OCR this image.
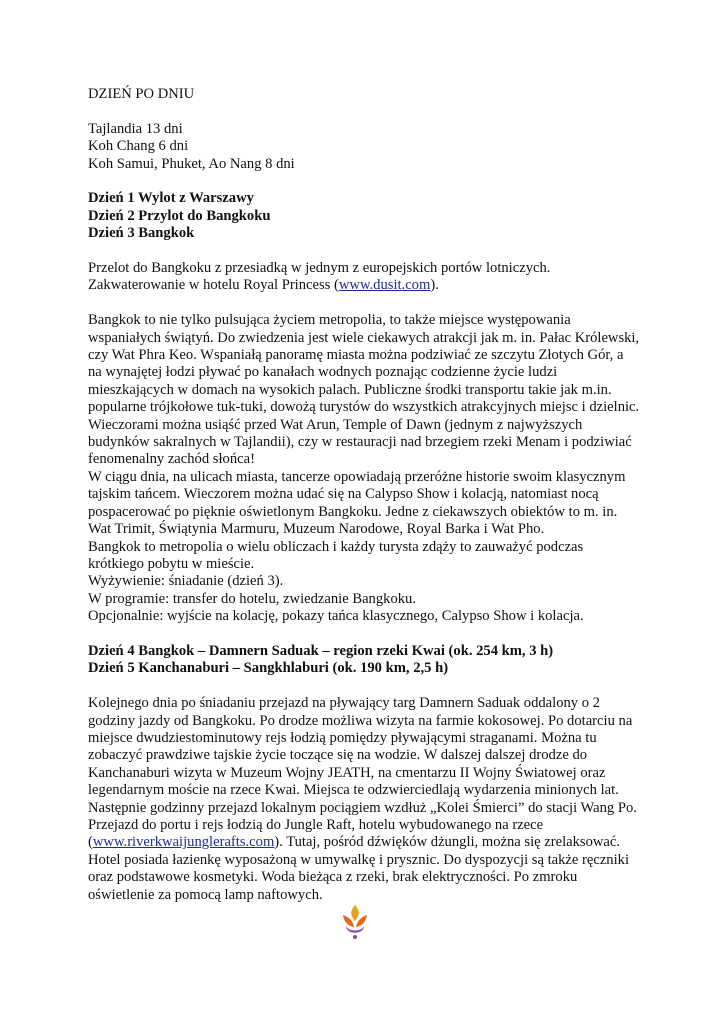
DZIEŃ PO DNIU

Tajlandia 13 dni

Koh Chang 6 dni

Koh Samui, Phuket, Ao Nang 8 dni

Dzień 1 Wylot z Warszawy

Dzień 2 Przylot do Bangkoku

Dzień 3 Bangkok

Przelot do Bangkoku z przesiadką w jednym z europejskich portów lotniczych.

Zakwaterowanie w hotelu Royal Princess (www.dusit.com).

Bangkok to nie tylko pulsująca życiem metropolia, to także miejsce występowania

wspaniałych świątyń. Do zwiedzenia jest wiele ciekawych atrakcji jak m. in. Pałac Królewski,

czy Wat Phra Keo. Wspaniałą panoramę miasta można podziwiać ze szczytu Złotych Gór, a

na wynajętej łodzi pływać po kanałach wodnych poznając codzienne życie ludzi

mieszkających w domach na wysokich palach. Publiczne środki transportu takie jak m.in.

popularne trójkołowe tuk-tuki, dowożą turystów do wszystkich atrakcyjnych miejsc i dzielnic.

Wieczorami można usiąść przed Wat Arun, Temple of Dawn (jednym z najwyższych

budynków sakralnych w Tajlandii), czy w restauracji nad brzegiem rzeki Menam i podziwiać

fenomenalny zachód słońca!

W ciągu dnia, na ulicach miasta, tancerze opowiadają przeróżne historie swoim klasycznym

tajskim tańcem. Wieczorem można udać się na Calypso Show i kolacją, natomiast nocą

pospacerować po pięknie oświetlonym Bangkoku. Jedne z ciekawszych obiektów to m. in.

Wat Trimit, Świątynia Marmuru, Muzeum Narodowe, Royal Barka i Wat Pho.

Bangkok to metropolia o wielu obliczach i każdy turysta zdąży to zauważyć podczas

krótkiego pobytu w mieście.

Wyżywienie: śniadanie (dzień 3).

W programie: transfer do hotelu, zwiedzanie Bangkoku.

Opcjonalnie: wyjście na kolację, pokazy tańca klasycznego, Calypso Show i kolacja.

Dzień 4 Bangkok – Damnern Saduak – region rzeki Kwai (ok. 254 km, 3 h)

Dzień 5 Kanchanaburi – Sangkhlaburi (ok. 190 km, 2,5 h)

Kolejnego dnia po śniadaniu przejazd na pływający targ Damnern Saduak oddalony o 2

godziny jazdy od Bangkoku. Po drodze możliwa wizyta na farmie kokosowej. Po dotarciu na

miejsce dwudziestominutowy rejs łodzią pomiędzy pływającymi straganami. Można tu

zobaczyć prawdziwe tajskie życie toczące się na wodzie. W dalszej dalszej drodze do

Kanchanaburi wizyta w Muzeum Wojny JEATH, na cmentarzu II Wojny Światowej oraz

legendarnym moście na rzece Kwai. Miejsca te odzwierciedlają wydarzenia minionych lat.

Następnie godzinny przejazd lokalnym pociągiem wzdłuż „Kolei Śmierci” do stacji Wang Po.

Przejazd do portu i rejs łodzią do Jungle Raft, hotelu wybudowanego na rzece

(www.riverkwaijunglerafts.com). Tutaj, pośród dźwięków dżungli, można się zrelaksować.

Hotel posiada łazienkę wyposażoną w umywalkę i prysznic. Do dyspozycji są także ręczniki

oraz podstawowe kosmetyki. Woda bieżąca z rzeki, brak elektryczności. Po zmroku

oświetlenie za pomocą lamp naftowych.
